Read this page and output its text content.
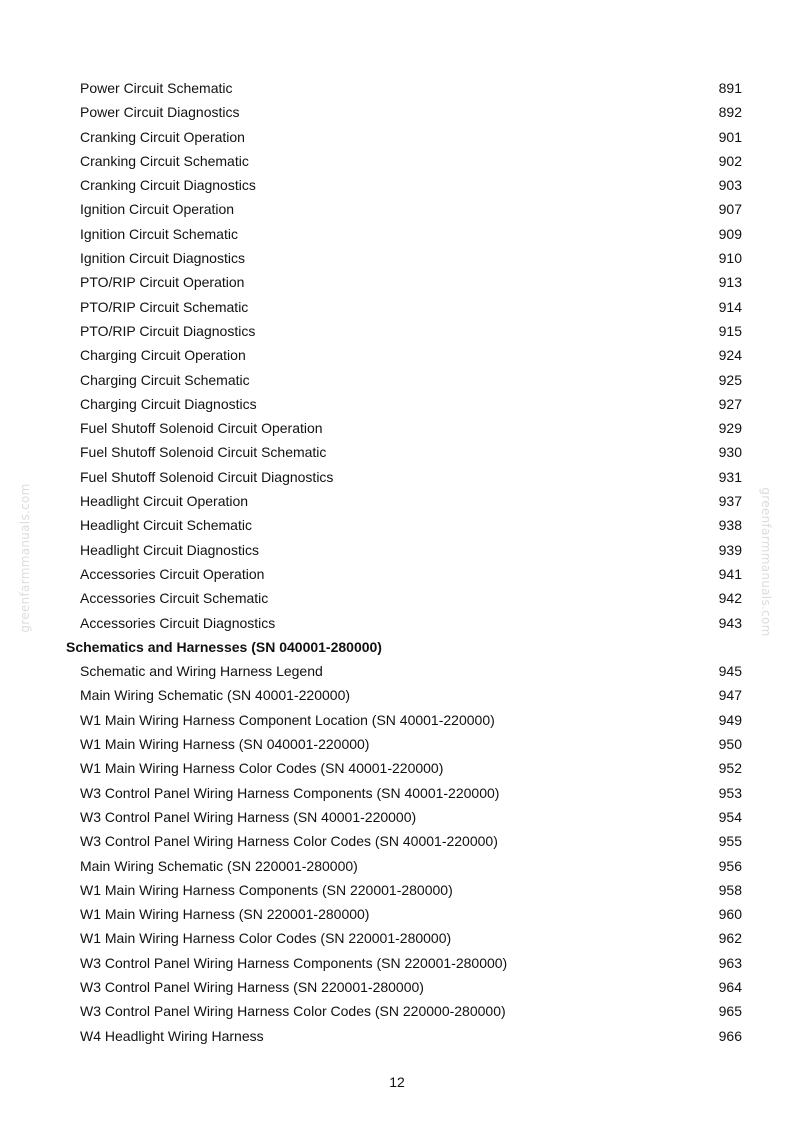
greenfarmmanuals.com	greenfarmmanuals.com
Power Circuit Schematic	891
Power Circuit Diagnostics	892
Cranking Circuit Operation	901
Cranking Circuit Schematic	902
Cranking Circuit Diagnostics	903
Ignition Circuit Operation	907
Ignition Circuit Schematic	909
Ignition Circuit Diagnostics	910
PTO/RIP Circuit Operation	913
PTO/RIP Circuit Schematic	914
PTO/RIP Circuit Diagnostics	915
Charging Circuit Operation	924
Charging Circuit Schematic	925
Charging Circuit Diagnostics	927
Fuel Shutoff Solenoid Circuit Operation	929
Fuel Shutoff Solenoid Circuit Schematic	930
Fuel Shutoff Solenoid Circuit Diagnostics	931
Headlight Circuit Operation	937
Headlight Circuit Schematic	938
Headlight Circuit Diagnostics	939
Accessories Circuit Operation	941
Accessories Circuit Schematic	942
Accessories Circuit Diagnostics	943
Schematics and Harnesses (SN 040001-280000)
Schematic and Wiring Harness Legend	945
Main Wiring Schematic (SN 40001-220000)	947
W1 Main Wiring Harness Component Location (SN 40001-220000)	949
W1 Main Wiring Harness (SN 040001-220000)	950
W1 Main Wiring Harness Color Codes (SN 40001-220000)	952
W3 Control Panel Wiring Harness Components (SN 40001-220000)	953
W3 Control Panel Wiring Harness (SN 40001-220000)	954
W3 Control Panel Wiring Harness Color Codes (SN 40001-220000)	955
Main Wiring Schematic (SN 220001-280000)	956
W1 Main Wiring Harness Components (SN 220001-280000)	958
W1 Main Wiring Harness (SN 220001-280000)	960
W1 Main Wiring Harness Color Codes (SN 220001-280000)	962
W3 Control Panel Wiring Harness Components (SN 220001-280000)	963
W3 Control Panel Wiring Harness (SN 220001-280000)	964
W3 Control Panel Wiring Harness Color Codes (SN 220000-280000)	965
W4 Headlight Wiring Harness	966
12
